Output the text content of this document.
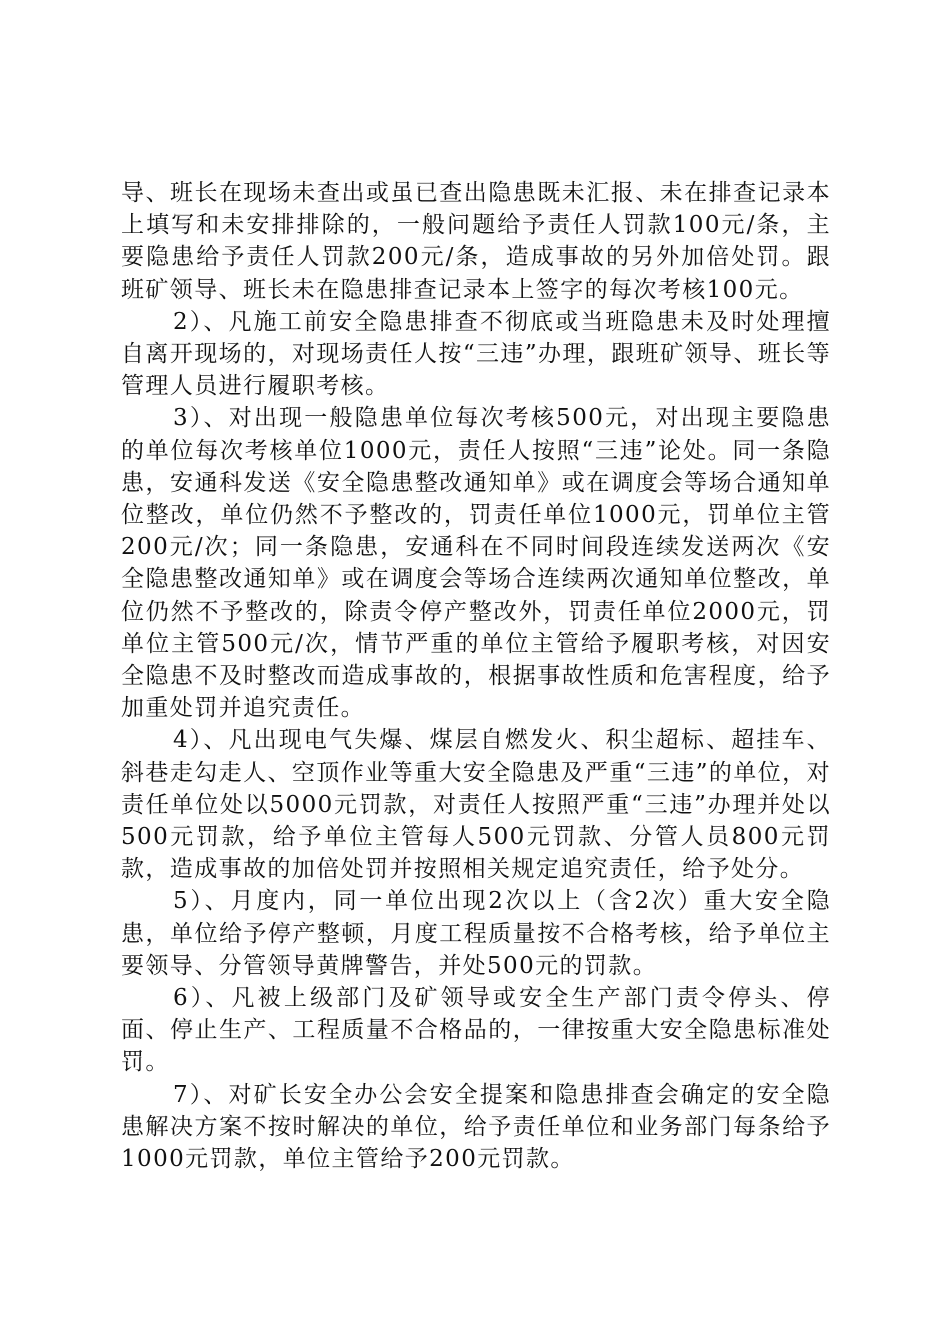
导、班长在现场未查出或虽已查出隐患既未汇报、未在排查记录本上填写和未安排排除的，一般问题给予责任人罚款100元/条，主要隐患给予责任人罚款200元/条，造成事故的另外加倍处罚。跟班矿领导、班长未在隐患排查记录本上签字的每次考核100元。

2）、凡施工前安全隐患排查不彻底或当班隐患未及时处理擅自离开现场的，对现场责任人按“三违”办理，跟班矿领导、班长等管理人员进行履职考核。

3）、对出现一般隐患单位每次考核500元，对出现主要隐患的单位每次考核单位1000元，责任人按照“三违”论处。同一条隐患，安通科发送《安全隐患整改通知单》或在调度会等场合通知单位整改，单位仍然不予整改的，罚责任单位1000元，罚单位主管200元/次；同一条隐患，安通科在不同时间段连续发送两次《安全隐患整改通知单》或在调度会等场合连续两次通知单位整改，单位仍然不予整改的，除责令停产整改外，罚责任单位2000元，罚单位主管500元/次，情节严重的单位主管给予履职考核，对因安全隐患不及时整改而造成事故的，根据事故性质和危害程度，给予加重处罚并追究责任。

4）、凡出现电气失爆、煤层自燃发火、积尘超标、超挂车、斜巷走勾走人、空顶作业等重大安全隐患及严重“三违”的单位，对责任单位处以5000元罚款，对责任人按照严重“三违”办理并处以500元罚款，给予单位主管每人500元罚款、分管人员800元罚款，造成事故的加倍处罚并按照相关规定追究责任，给予处分。

5）、月度内，同一单位出现2次以上（含2次）重大安全隐患，单位给予停产整顿，月度工程质量按不合格考核，给予单位主要领导、分管领导黄牌警告，并处500元的罚款。

6）、凡被上级部门及矿领导或安全生产部门责令停头、停面、停止生产、工程质量不合格品的，一律按重大安全隐患标准处罚。

7）、对矿长安全办公会安全提案和隐患排查会确定的安全隐患解决方案不按时解决的单位，给予责任单位和业务部门每条给予1000元罚款，单位主管给予200元罚款。
